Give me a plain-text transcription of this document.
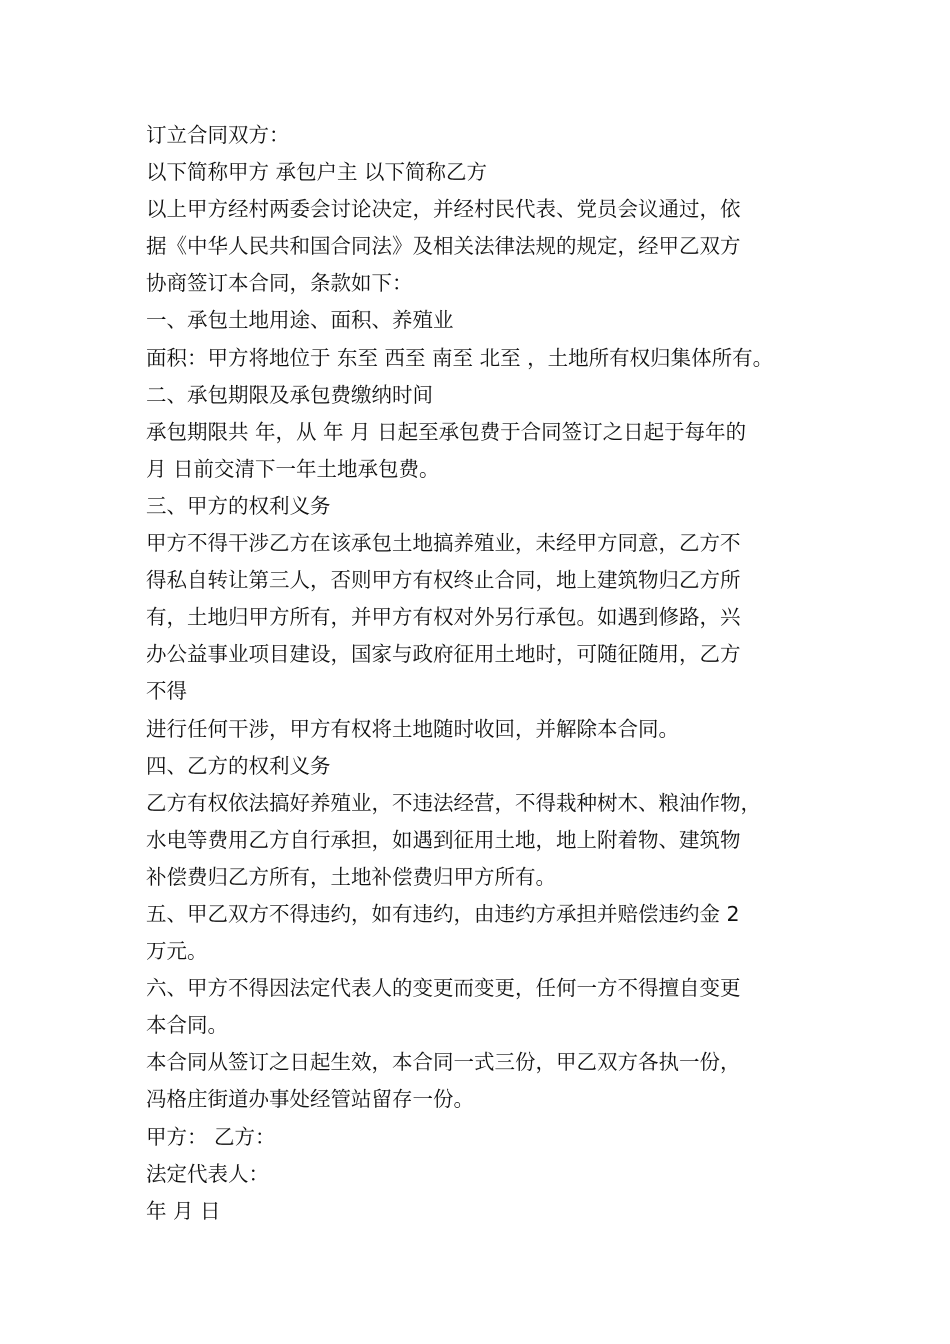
订立合同双方：
以下简称甲方 承包户主 以下简称乙方
以上甲方经村两委会讨论决定，并经村民代表、党员会议通过，依
据《中华人民共和国合同法》及相关法律法规的规定，经甲乙双方
协商签订本合同，条款如下：
一、承包土地用途、面积、养殖业
面积：甲方将地位于 东至 西至 南至 北至 ，土地所有权归集体所有。
二、承包期限及承包费缴纳时间
承包期限共 年，从 年 月 日起至承包费于合同签订之日起于每年的
月 日前交清下一年土地承包费。
三、甲方的权利义务
甲方不得干涉乙方在该承包土地搞养殖业，未经甲方同意，乙方不
得私自转让第三人，否则甲方有权终止合同，地上建筑物归乙方所
有，土地归甲方所有，并甲方有权对外另行承包。如遇到修路，兴
办公益事业项目建设，国家与政府征用土地时，可随征随用，乙方
不得
进行任何干涉，甲方有权将土地随时收回，并解除本合同。
四、乙方的权利义务
乙方有权依法搞好养殖业，不违法经营，不得栽种树木、粮油作物，
水电等费用乙方自行承担，如遇到征用土地，地上附着物、建筑物
补偿费归乙方所有，土地补偿费归甲方所有。
五、甲乙双方不得违约，如有违约，由违约方承担并赔偿违约金 2
万元。
六、甲方不得因法定代表人的变更而变更，任何一方不得擅自变更
本合同。
本合同从签订之日起生效，本合同一式三份，甲乙双方各执一份，
冯格庄街道办事处经管站留存一份。
甲方： 乙方：
法定代表人：
年 月 日
